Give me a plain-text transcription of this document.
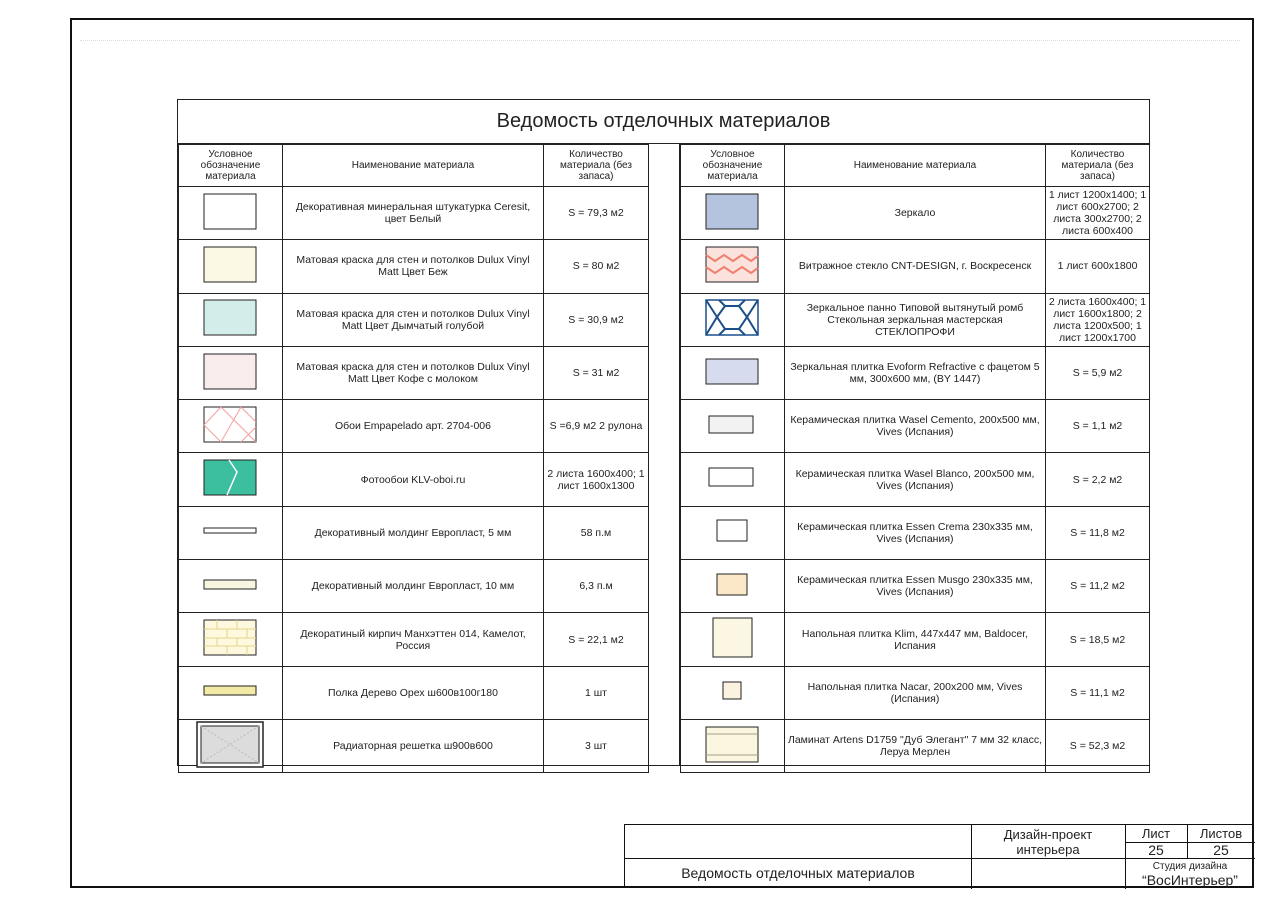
Ведомость отделочных материалов
Условное обозначение материала	Наименование материала	Количество материала (без запаса)
	Декоративная минеральная штукатурка Ceresit, цвет Белый	S = 79,3 м2
	Матовая краска для стен и потолков Dulux Vinyl Matt Цвет Беж	S = 80 м2
	Матовая краска для стен и потолков Dulux Vinyl Matt Цвет Дымчатый голубой	S = 30,9 м2
	Матовая краска для стен и потолков Dulux Vinyl Matt Цвет Кофе с молоком	S = 31 м2
	Обои Empapelado арт. 2704-006	S =6,9 м2 2 рулона
	Фотообои KLV-oboi.ru	2 листа 1600x400; 1 лист 1600x1300
	Декоративный молдинг Европласт, 5 мм	58 п.м
	Декоративный молдинг Европласт, 10 мм	6,3 п.м
	Декоратиный кирпич Манхэттен 014, Камелот, Россия	S = 22,1 м2
	Полка Дерево Орех ш600в100г180	1 шт
	Радиаторная решетка ш900в600	3 шт
Условное обозначение материала	Наименование материала	Количество материала (без запаса)
	Зеркало	1 лист 1200x1400; 1 лист 600x2700; 2 листа 300x2700; 2 листа 600x400
	Витражное стекло CNT-DESIGN, г. Воскресенск	1 лист 600x1800
	Зеркальное панно Типовой вытянутый ромб Стекольная зеркальная мастерская СТЕКЛОПРОФИ	2 листа 1600x400; 1 лист 1600x1800; 2 листа 1200x500; 1 лист 1200x1700
	Зеркальная плитка Evoform Refractive с фацетом 5 мм, 300x600 мм, (BY 1447)	S = 5,9 м2
	Керамическая плитка Wasel Cemento, 200x500 мм, Vives (Испания)	S = 1,1 м2
	Керамическая плитка Wasel Blanco, 200x500 мм, Vives (Испания)	S = 2,2 м2
	Керамическая плитка Essen Crema 230x335 мм, Vives (Испания)	S = 11,8 м2
	Керамическая плитка Essen Musgo 230x335 мм, Vives (Испания)	S = 11,2 м2
	Напольная плитка Klim, 447x447 мм, Baldocer, Испания	S = 18,5 м2
	Напольная плитка Nacar, 200x200 мм, Vives (Испания)	S = 11,1 м2
	Ламинат Artens D1759 "Дуб Элегант" 7 мм 32 класс, Леруа Мерлен	S = 52,3 м2
Дизайн-проект интерьера
Лист	Листов
25	25
Ведомость отделочных материалов	Студия дизайна
“ВосИнтерьер”
